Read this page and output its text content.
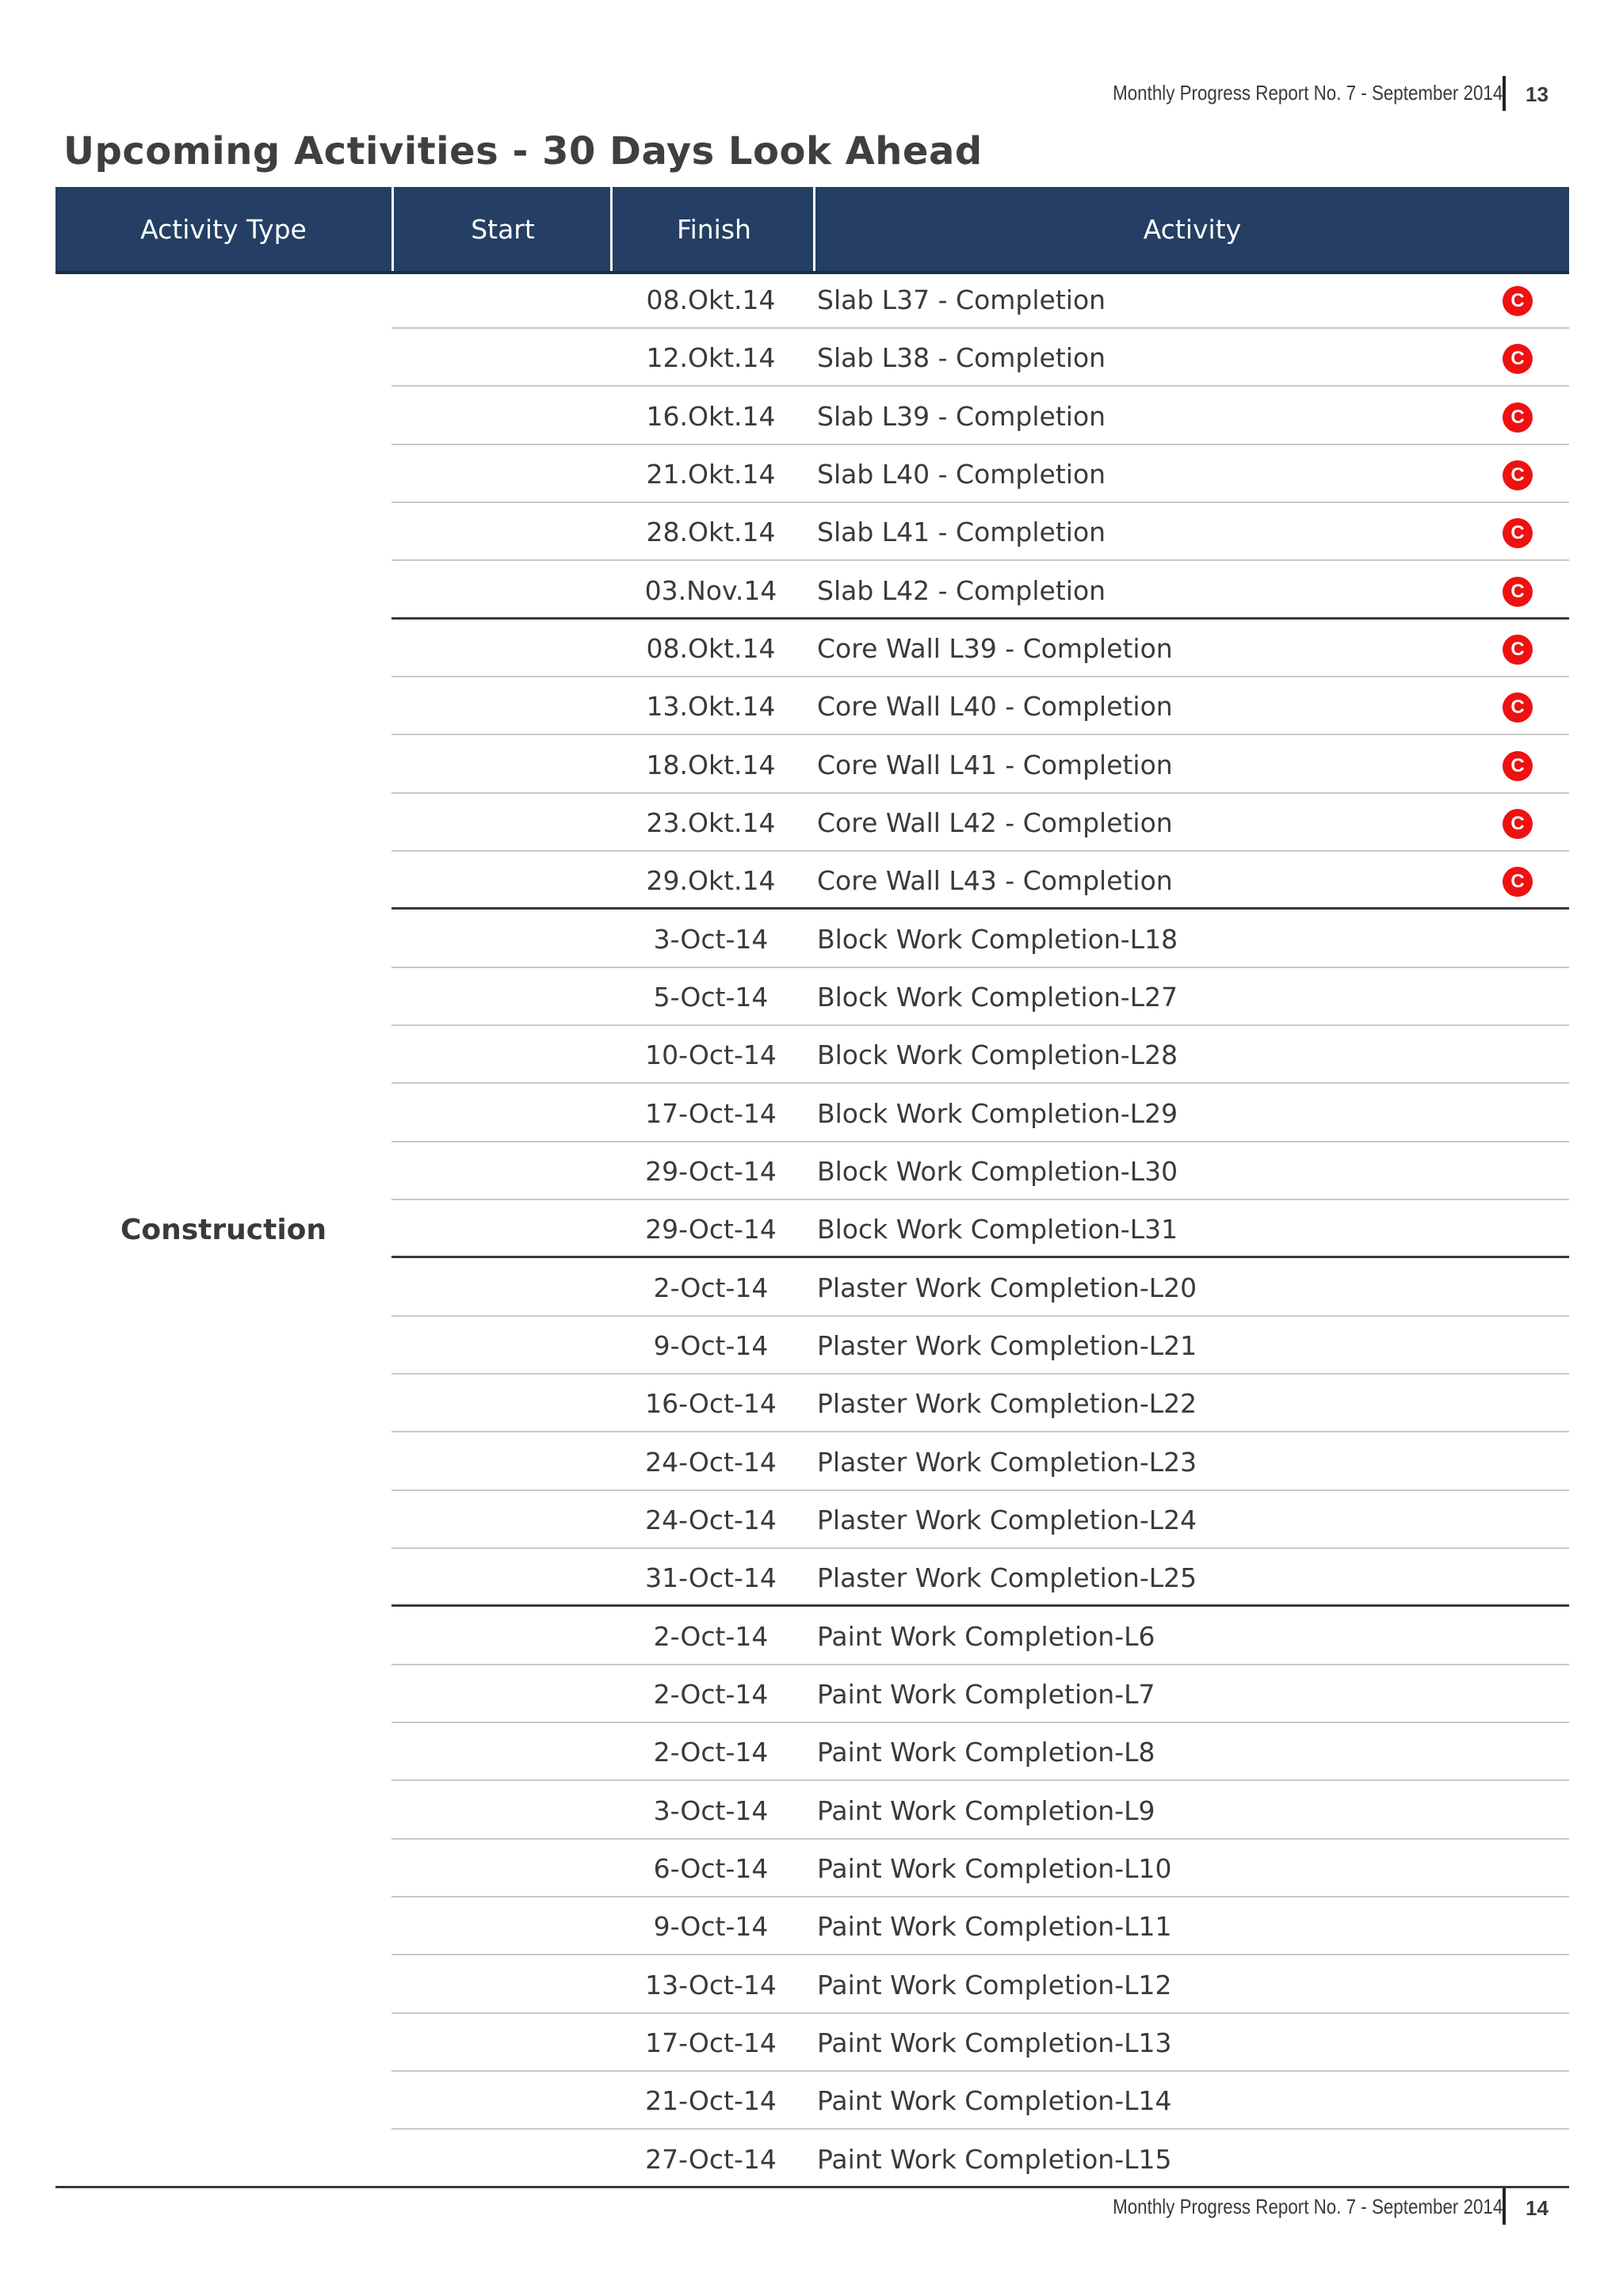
Monthly Progress Report No. 7 - September 2014 13
Upcoming Activities - 30 Days Look Ahead
Activity Type	Start	Finish	Activity
Construction
08.Okt.14	Slab L37 - Completion	C
12.Okt.14	Slab L38 - Completion	C
16.Okt.14	Slab L39 - Completion	C
21.Okt.14	Slab L40 - Completion	C
28.Okt.14	Slab L41 - Completion	C
03.Nov.14	Slab L42 - Completion	C
08.Okt.14	Core Wall L39 - Completion	C
13.Okt.14	Core Wall L40 - Completion	C
18.Okt.14	Core Wall L41 - Completion	C
23.Okt.14	Core Wall L42 - Completion	C
29.Okt.14	Core Wall L43 - Completion	C
3-Oct-14	Block Work Completion-L18
5-Oct-14	Block Work Completion-L27
10-Oct-14	Block Work Completion-L28
17-Oct-14	Block Work Completion-L29
29-Oct-14	Block Work Completion-L30
29-Oct-14	Block Work Completion-L31
2-Oct-14	Plaster Work Completion-L20
9-Oct-14	Plaster Work Completion-L21
16-Oct-14	Plaster Work Completion-L22
24-Oct-14	Plaster Work Completion-L23
24-Oct-14	Plaster Work Completion-L24
31-Oct-14	Plaster Work Completion-L25
2-Oct-14	Paint Work Completion-L6
2-Oct-14	Paint Work Completion-L7
2-Oct-14	Paint Work Completion-L8
3-Oct-14	Paint Work Completion-L9
6-Oct-14	Paint Work Completion-L10
9-Oct-14	Paint Work Completion-L11
13-Oct-14	Paint Work Completion-L12
17-Oct-14	Paint Work Completion-L13
21-Oct-14	Paint Work Completion-L14
27-Oct-14	Paint Work Completion-L15
Monthly Progress Report No. 7 - September 2014 14
